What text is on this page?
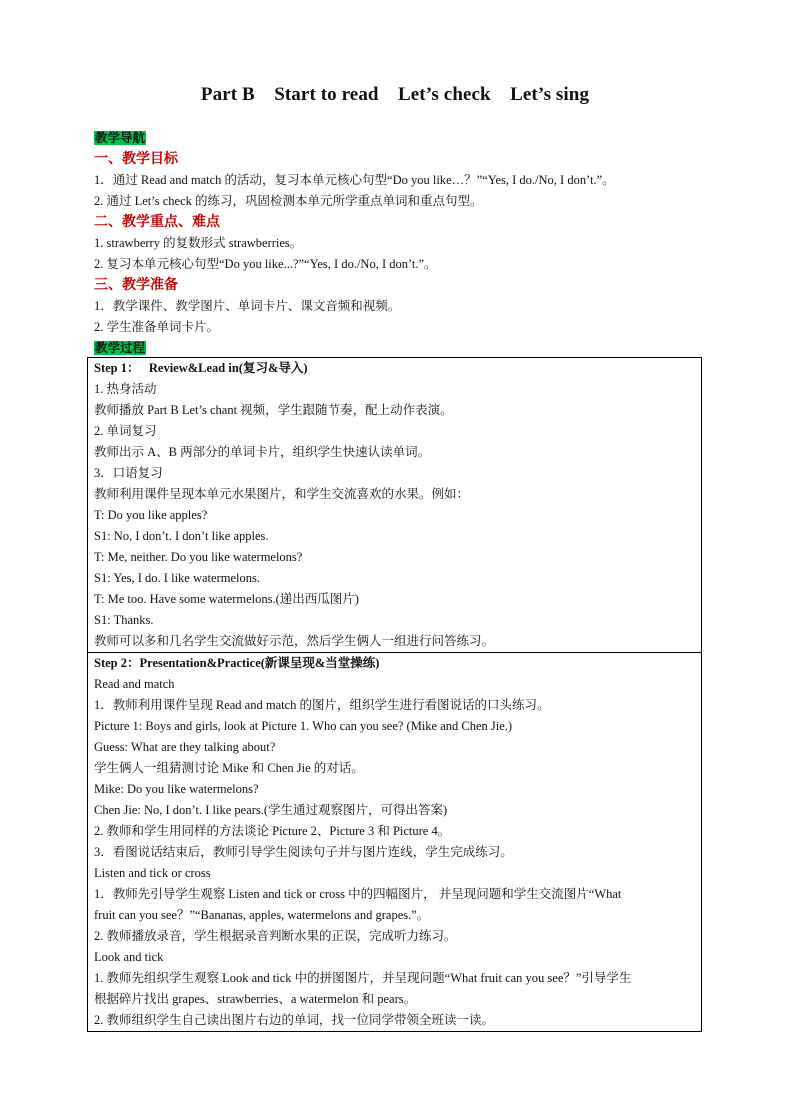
Part B    Start to read    Let’s check    Let’s sing
教学导航
一、教学目标
1．通过 Read and match 的活动，复习本单元核心句型“Do you like…？”“Yes, I do./No, I don’t.”。
2. 通过 Let’s check 的练习，巩固检测本单元所学重点单词和重点句型。
二、教学重点、难点
1. strawberry 的复数形式 strawberries。
2. 复习本单元核心句型“Do you like...?”“Yes, I do./No, I don’t.”。
三、教学准备
1．教学课件、教学图片、单词卡片、课文音频和视频。
2. 学生准备单词卡片。
教学过程
Step 1：   Review&Lead in(复习&导入)
1. 热身活动
教师播放 Part B Let’s chant 视频，学生跟随节奏，配上动作表演。
2. 单词复习
教师出示 A、B 两部分的单词卡片，组织学生快速认读单词。
3．口语复习
教师利用课件呈现本单元水果图片，和学生交流喜欢的水果。例如：
T: Do you like apples?
S1: No, I don’t. I don’t like apples.
T: Me, neither. Do you like watermelons?
S1: Yes, I do. I like watermelons.
T: Me too. Have some watermelons.(递出西瓜图片)
S1: Thanks.
教师可以多和几名学生交流做好示范，然后学生俩人一组进行问答练习。

Step 2：Presentation&Practice(新课呈现&当堂操练)
Read and match
1．教师利用课件呈现 Read and match 的图片，组织学生进行看图说话的口头练习。
Picture 1: Boys and girls, look at Picture 1. Who can you see? (Mike and Chen Jie.)
Guess: What are they talking about?
学生俩人一组猜测讨论 Mike 和 Chen Jie 的对话。
Mike: Do you like watermelons?
Chen Jie: No, I don’t. I like pears.(学生通过观察图片，可得出答案)
2. 教师和学生用同样的方法谈论 Picture 2、Picture 3 和 Picture 4。
3．看图说话结束后，教师引导学生阅读句子并与图片连线，学生完成练习。
Listen and tick or cross
1．教师先引导学生观察 Listen and tick or cross 中的四幅图片， 并呈现问题和学生交流图片“What
fruit can you see？”“Bananas, apples, watermelons and grapes.”。
2. 教师播放录音，学生根据录音判断水果的正误，完成听力练习。
Look and tick
1. 教师先组织学生观察 Look and tick 中的拼图图片，并呈现问题“What fruit can you see？”引导学生
根据碎片找出 grapes、strawberries、a watermelon 和 pears。
2. 教师组织学生自己读出图片右边的单词，找一位同学带领全班读一读。
